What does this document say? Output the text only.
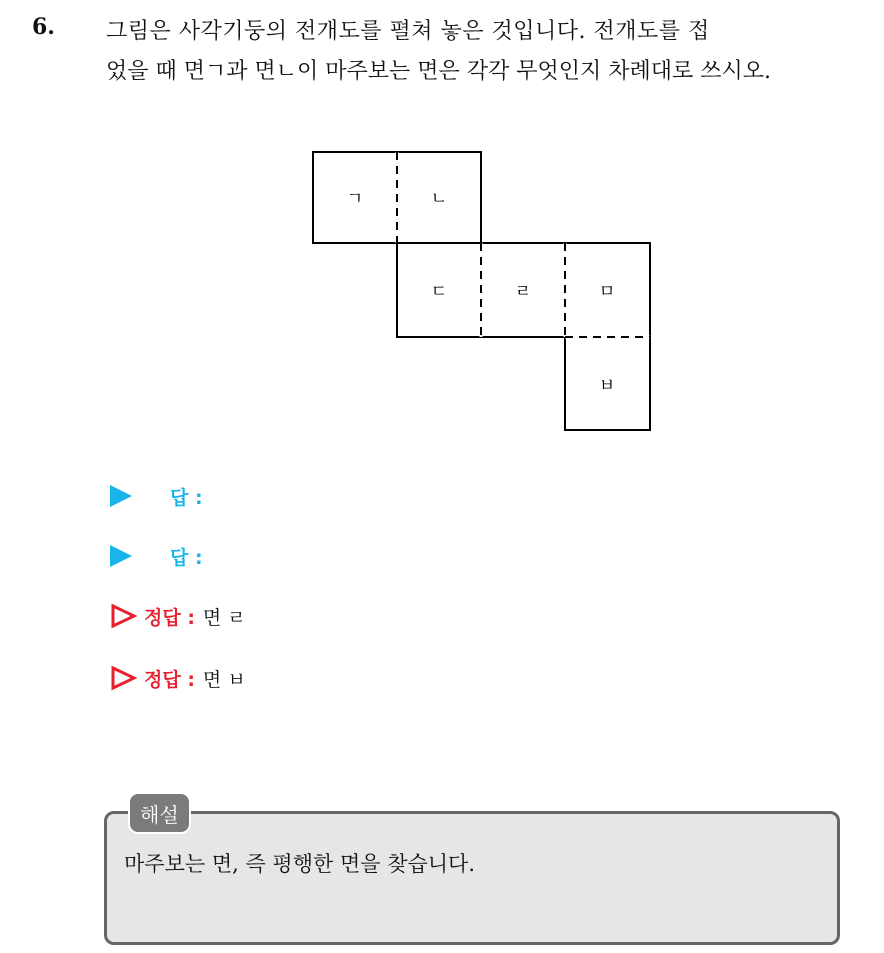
6. 그림은 사각기둥의 전개도를 펼쳐 놓은 것입니다. 전개도를 접
었을 때 면ㄱ과 면ㄴ이 마주보는 면은 각각 무엇인지 차례대로 쓰시오.
ㄱ	ㄴ
ㄷ	ㄹ	ㅁ
ㅂ
답 :
답 :
정답 : 면 ㄹ
정답 : 면 ㅂ
해설
마주보는 면, 즉 평행한 면을 찾습니다.
